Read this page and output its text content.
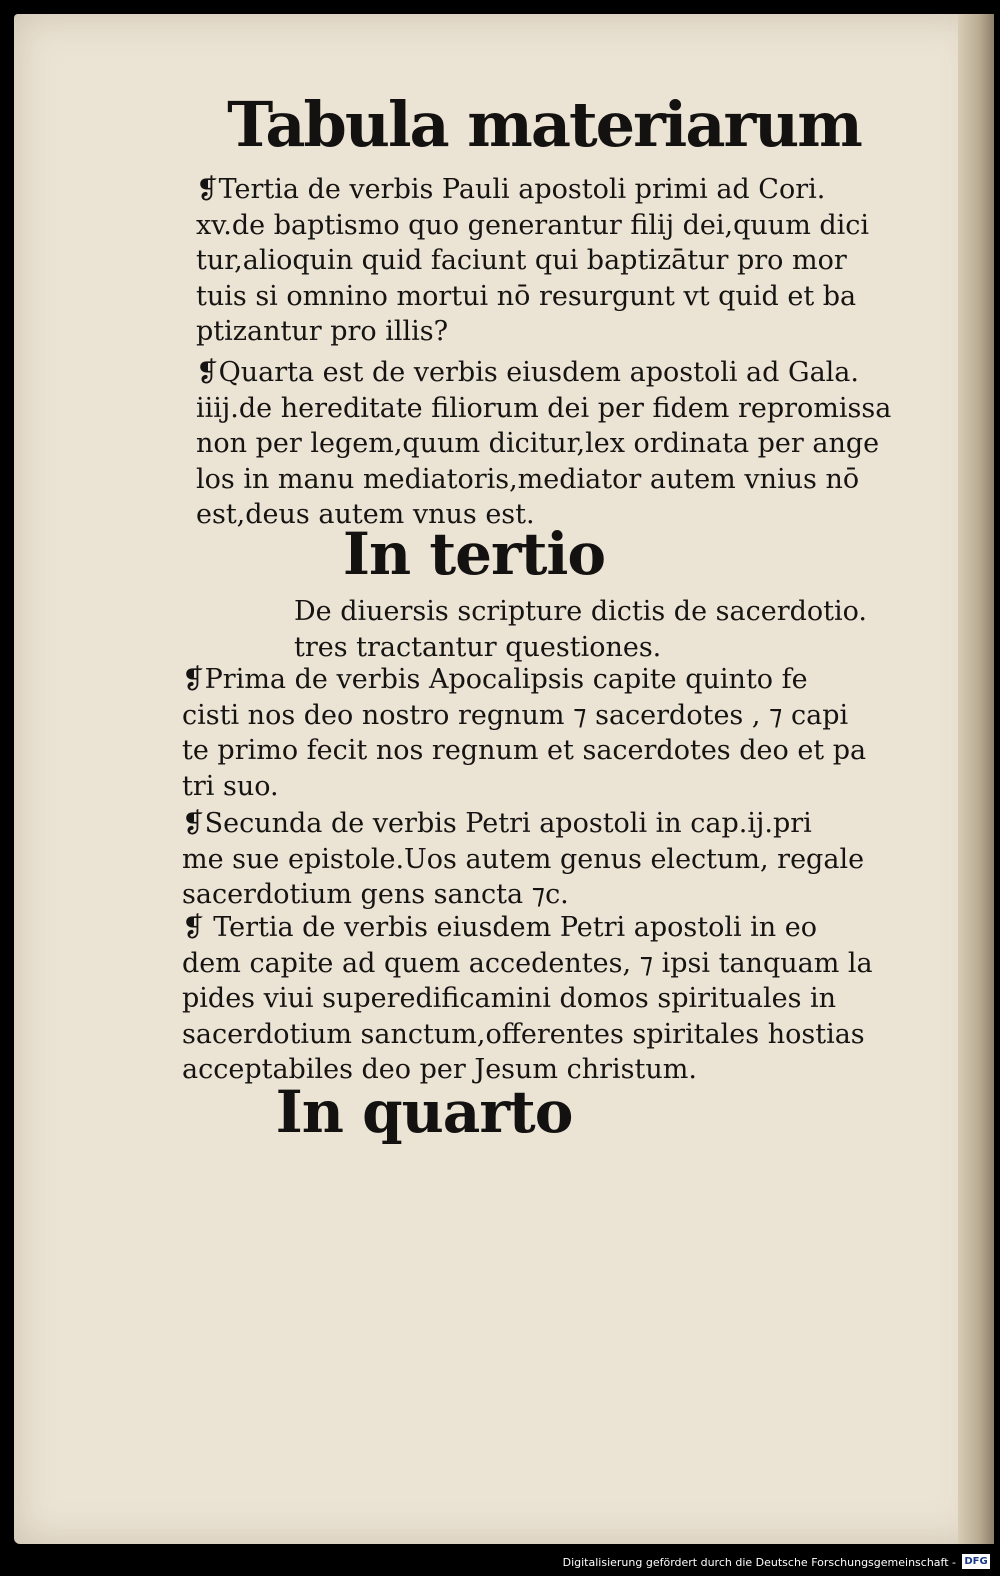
Tabula materiarum
❡Tertia de verbis Pauli apostoli primi ad Cori.
xv.de baptismo quo generantur filij dei,quum dici
tur,alioquin quid faciunt qui baptizātur pro mor
tuis si omnino mortui nō resurgunt vt quid et ba
ptizantur pro illis?
❡Quarta est de verbis eiusdem apostoli ad Gala.
iiij.de hereditate filiorum dei per fidem repromissa
non per legem,quum dicitur,lex ordinata per ange
los in manu mediatoris,mediator autem vnius nō
est,deus autem vnus est.
In tertio
De diuersis scripture dictis de sacerdotio.
tres tractantur questiones.
❡Prima de verbis Apocalipsis capite quinto fe
cisti nos deo nostro regnum ⁊ sacerdotes , ⁊ capi
te primo fecit nos regnum et sacerdotes deo et pa
tri suo.
❡Secunda de verbis Petri apostoli in cap.ij.pri
me sue epistole.Uos autem genus electum, regale
sacerdotium gens sancta ⁊c.
❡ Tertia de verbis eiusdem Petri apostoli in eo
dem capite ad quem accedentes, ⁊ ipsi tanquam la
pides viui superedificamini domos spirituales in
sacerdotium sanctum,offerentes spiritales hostias
acceptabiles deo per Jesum christum.
In quarto
Digitalisierung gefördert durch die Deutsche Forschungsgemeinschaft - DFG
